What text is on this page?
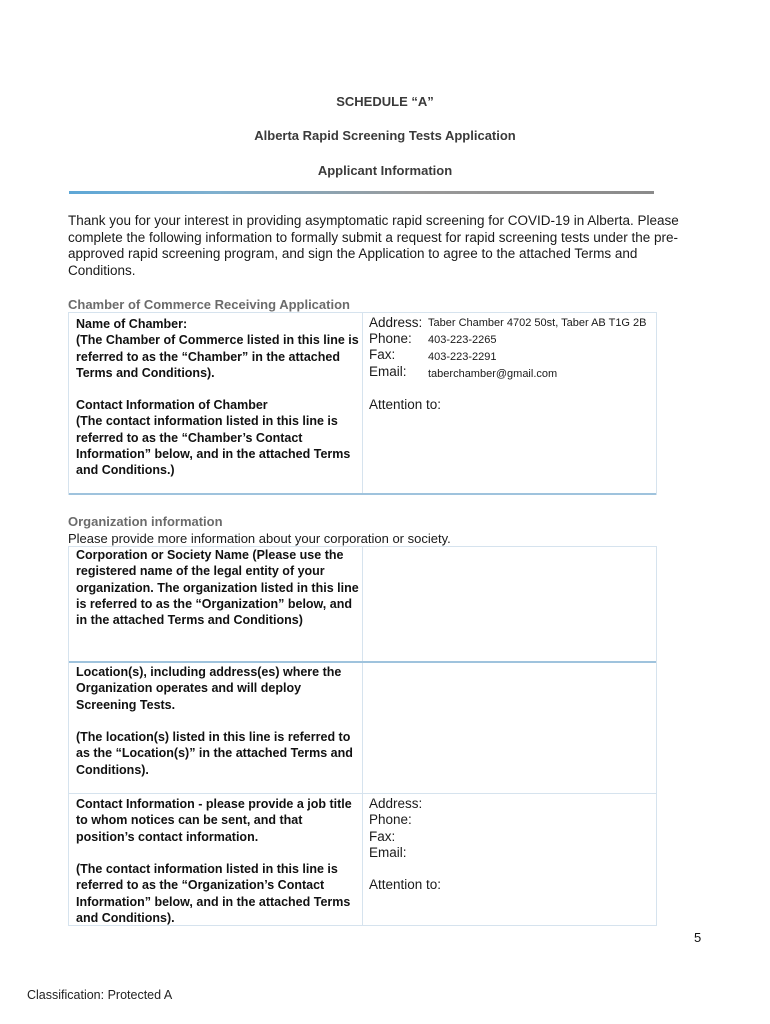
SCHEDULE “A”
Alberta Rapid Screening Tests Application
Applicant Information
Thank you for your interest in providing asymptomatic rapid screening for COVID-19 in Alberta. Please complete the following information to formally submit a request for rapid screening tests under the pre-approved rapid screening program, and sign the Application to agree to the attached Terms and Conditions.
Chamber of Commerce Receiving Application
Name of Chamber:
(The Chamber of Commerce listed in this line is referred to as the “Chamber” in the attached Terms and Conditions).
Address: Taber Chamber 4702 50st, Taber AB T1G 2B
Phone: 403-223-2265
Fax:	403-223-2291
Email: taberchamber@gmail.com
Contact Information of Chamber
(The contact information listed in this line is referred to as the “Chamber’s Contact Information” below, and in the attached Terms and Conditions.)
Attention to:
Organization information
Please provide more information about your corporation or society.
Corporation or Society Name (Please use the registered name of the legal entity of your organization. The organization listed in this line is referred to as the “Organization” below, and in the attached Terms and Conditions)
Location(s), including address(es) where the Organization operates and will deploy Screening Tests.

(The location(s) listed in this line is referred to as the “Location(s)” in the attached Terms and Conditions).
Contact Information - please provide a job title to whom notices can be sent, and that position’s contact information.

(The contact information listed in this line is referred to as the “Organization’s Contact Information” below, and in the attached Terms and Conditions).
Address:
Phone:
Fax:
Email:
Attention to:
5
Classification: Protected A
